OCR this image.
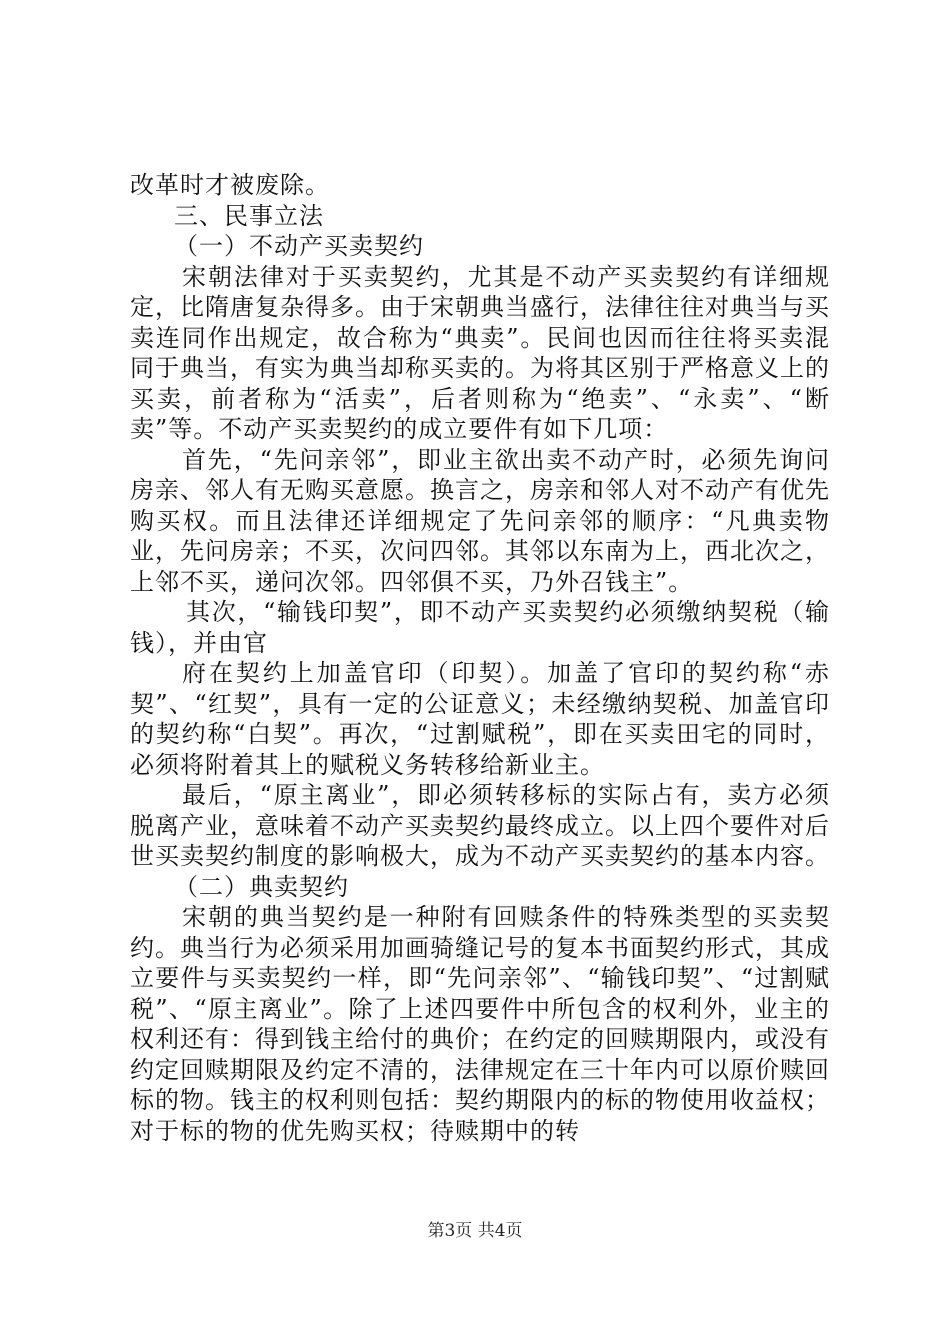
改革时才被废除。

三、民事立法

（一）不动产买卖契约

宋朝法律对于买卖契约，尤其是不动产买卖契约有详细规定，比隋唐复杂得多。由于宋朝典当盛行，法律往往对典当与买卖连同作出规定，故合称为“典卖”。民间也因而往往将买卖混同于典当，有实为典当却称买卖的。为将其区别于严格意义上的买卖，前者称为“活卖”，后者则称为“绝卖”、“永卖”、“断卖”等。不动产买卖契约的成立要件有如下几项：

首先，“先问亲邻”，即业主欲出卖不动产时，必须先询问房亲、邻人有无购买意愿。换言之，房亲和邻人对不动产有优先购买权。而且法律还详细规定了先问亲邻的顺序：“凡典卖物业，先问房亲；不买，次问四邻。其邻以东南为上，西北次之，上邻不买，递问次邻。四邻俱不买，乃外召钱主”。

其次，“输钱印契”，即不动产买卖契约必须缴纳契税（输钱），并由官

府在契约上加盖官印（印契）。加盖了官印的契约称“赤契”、“红契”，具有一定的公证意义；未经缴纳契税、加盖官印的契约称“白契”。再次，“过割赋税”，即在买卖田宅的同时，必须将附着其上的赋税义务转移给新业主。

最后，“原主离业”，即必须转移标的实际占有，卖方必须脱离产业，意味着不动产买卖契约最终成立。以上四个要件对后世买卖契约制度的影响极大，成为不动产买卖契约的基本内容。

（二）典卖契约

宋朝的典当契约是一种附有回赎条件的特殊类型的买卖契约。典当行为必须采用加画骑缝记号的复本书面契约形式，其成立要件与买卖契约一样，即“先问亲邻”、“输钱印契”、“过割赋税”、“原主离业”。除了上述四要件中所包含的权利外，业主的权利还有：得到钱主给付的典价；在约定的回赎期限内，或没有约定回赎期限及约定不清的，法律规定在三十年内可以原价赎回标的物。钱主的权利则包括：契约期限内的标的物使用收益权；对于标的物的优先购买权；待赎期中的转

第3页 共4页
